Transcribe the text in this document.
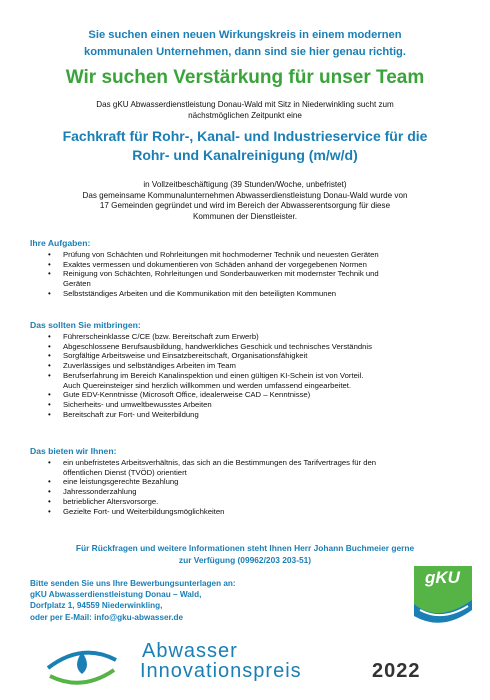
Sie suchen einen neuen Wirkungskreis in einem modernen
kommunalen Unternehmen, dann sind sie hier genau richtig.
Wir suchen Verstärkung für unser Team
Das gKU Abwasserdienstleistung Donau-Wald mit Sitz in Niederwinkling sucht zum
nächstmöglichen Zeitpunkt eine
Fachkraft für Rohr-, Kanal- und Industrieservice für die
Rohr- und Kanalreinigung (m/w/d)
in Vollzeitbeschäftigung (39 Stunden/Woche, unbefristet)
Das gemeinsame Kommunalunternehmen Abwasserdienstleistung Donau-Wald wurde von
17 Gemeinden gegründet und wird im Bereich der Abwasserentsorgung für diese
Kommunen der Dienstleister.
Ihre Aufgaben:
• Prüfung von Schächten und Rohrleitungen mit hochmoderner Technik und neuesten Geräten
• Exaktes vermessen und dokumentieren von Schäden anhand der vorgegebenen Normen
• Reinigung von Schächten, Rohrleitungen und Sonderbauwerken mit modernster Technik und
Geräten
• Selbstständiges Arbeiten und die Kommunikation mit den beteiligten Kommunen
Das sollten Sie mitbringen:
• Führerscheinklasse C/CE (bzw. Bereitschaft zum Erwerb)
• Abgeschlossene Berufsausbildung, handwerkliches Geschick und technisches Verständnis
• Sorgfältige Arbeitsweise und Einsatzbereitschaft, Organisationsfähigkeit
• Zuverlässiges und selbständiges Arbeiten im Team
• Berufserfahrung im Bereich Kanalinspektion und einen gültigen KI-Schein ist von Vorteil.
Auch Quereinsteiger sind herzlich willkommen und werden umfassend eingearbeitet.
• Gute EDV-Kenntnisse (Microsoft Office, idealerweise CAD – Kenntnisse)
• Sicherheits- und umweltbewusstes Arbeiten
• Bereitschaft zur Fort- und Weiterbildung
Das bieten wir Ihnen:
• ein unbefristetes Arbeitsverhältnis, das sich an die Bestimmungen des Tarifvertrages für den
öffentlichen Dienst (TVÖD) orientiert
• eine leistungsgerechte Bezahlung
• Jahressonderzahlung
• betrieblicher Altersvorsorge.
• Gezielte Fort- und Weiterbildungsmöglichkeiten
Für Rückfragen und weitere Informationen steht Ihnen Herr Johann Buchmeier gerne
zur Verfügung (09962/203 203-51)
Bitte senden Sie uns Ihre Bewerbungsunterlagen an:
gKU Abwasserdienstleistung Donau – Wald,
Dorfplatz 1, 94559 Niederwinkling,
oder per E-Mail: info@gku-abwasser.de
gKU
Abwasser
Innovationspreis	2022
